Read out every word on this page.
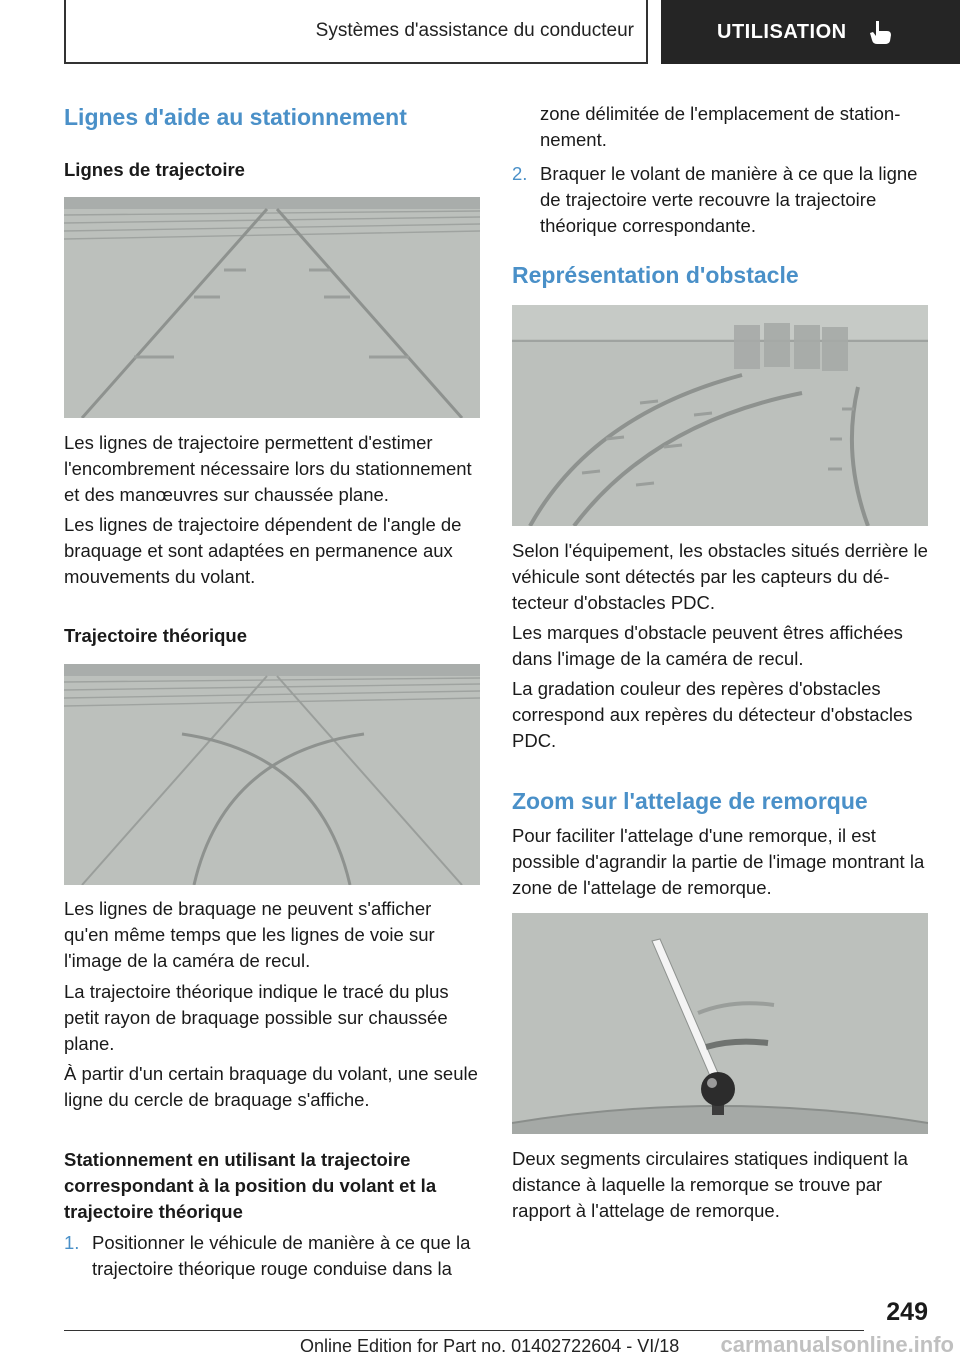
Systèmes d'assistance du conducteur	UTILISATION
Lignes d'aide au stationnement
Lignes de trajectoire
Les lignes de trajectoire permettent d'estimer l'encombrement nécessaire lors du stationnement et des manœuvres sur chaussée plane.
Les lignes de trajectoire dépendent de l'angle de braquage et sont adaptées en permanence aux mouvements du volant.
Trajectoire théorique
Les lignes de braquage ne peuvent s'afficher qu'en même temps que les lignes de voie sur l'image de la caméra de recul.
La trajectoire théorique indique le tracé du plus petit rayon de braquage possible sur chaussée plane.
À partir d'un certain braquage du volant, une seule ligne du cercle de braquage s'affiche.
Stationnement en utilisant la trajectoire correspondant à la position du volant et la trajectoire théorique
1. Positionner le véhicule de manière à ce que la trajectoire théorique rouge conduise dans la
zone délimitée de l'emplacement de stationnement.
2. Braquer le volant de manière à ce que la ligne de trajectoire verte recouvre la trajectoire théorique correspondante.
Représentation d'obstacle
Selon l'équipement, les obstacles situés derrière le véhicule sont détectés par les capteurs du détecteur d'obstacles PDC.
Les marques d'obstacle peuvent êtres affichées dans l'image de la caméra de recul.
La gradation couleur des repères d'obstacles correspond aux repères du détecteur d'obstacles PDC.
Zoom sur l'attelage de remorque
Pour faciliter l'attelage d'une remorque, il est possible d'agrandir la partie de l'image montrant la zone de l'attelage de remorque.
Deux segments circulaires statiques indiquent la distance à laquelle la remorque se trouve par rapport à l'attelage de remorque.
249
Online Edition for Part no. 01402722604 - VI/18 carmanualsonline.info
